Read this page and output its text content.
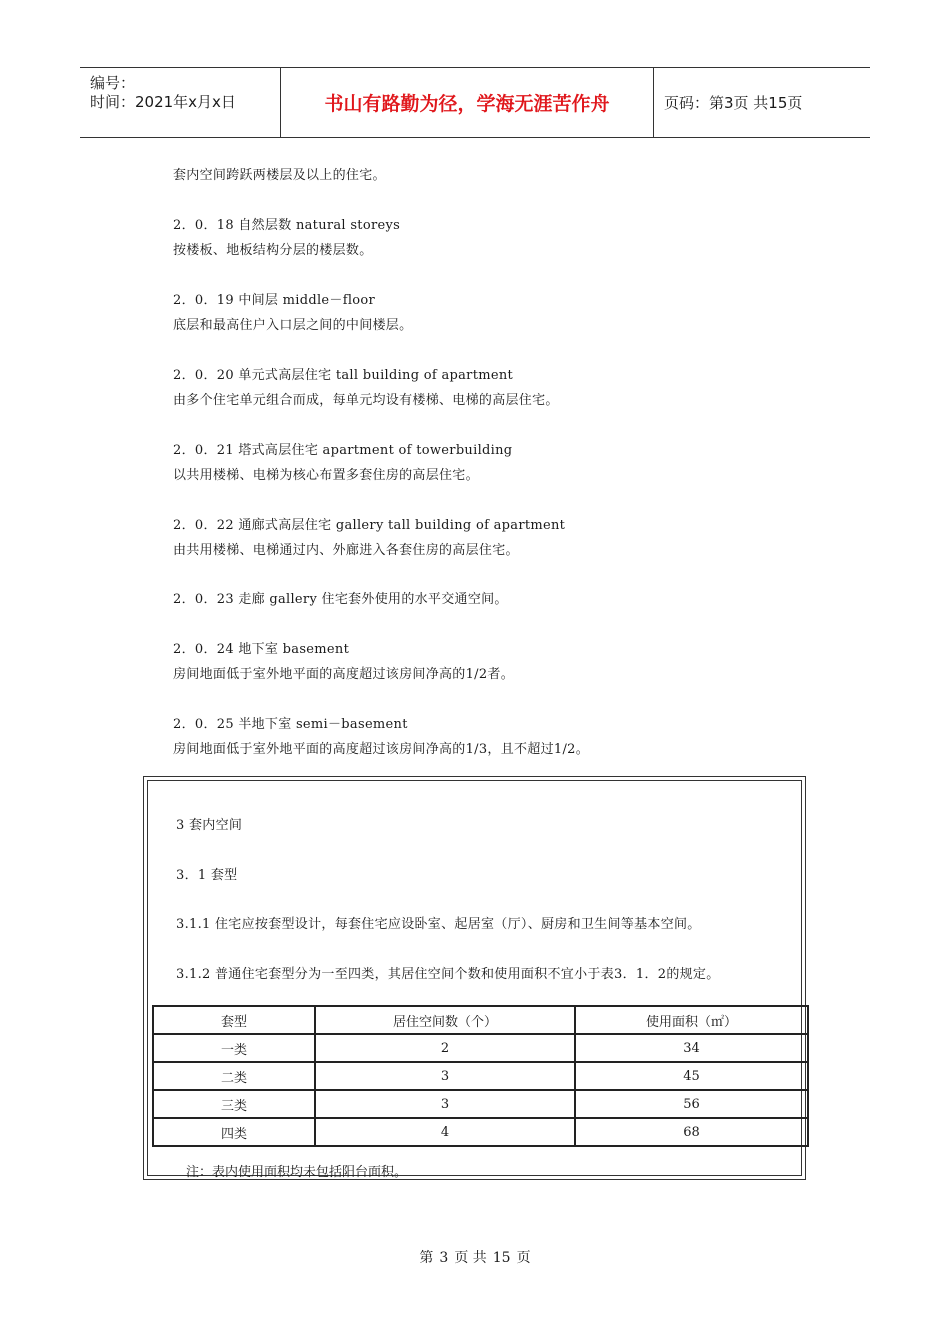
编号：
时间：2021年x月x日	书山有路勤为径，学海无涯苦作舟	页码：第3页 共15页
套内空间跨跃两楼层及以上的住宅。
2．0．18 自然层数 natural storeys
按楼板、地板结构分层的楼层数。
2．0．19 中间层 middle－floor
底层和最高住户入口层之间的中间楼层。
2．0．20 单元式高层住宅 tall building of apartment
由多个住宅单元组合而成，每单元均设有楼梯、电梯的高层住宅。
2．0．21 塔式高层住宅 apartment of towerbuilding
以共用楼梯、电梯为核心布置多套住房的高层住宅。
2．0．22 通廊式高层住宅 gallery tall building of apartment
由共用楼梯、电梯通过内、外廊进入各套住房的高层住宅。
2．0．23 走廊 gallery 住宅套外使用的水平交通空间。
2．0．24 地下室 basement
房间地面低于室外地平面的高度超过该房间净高的1/2者。
2．0．25 半地下室 semi－basement
房间地面低于室外地平面的高度超过该房间净高的1/3，且不超过1/2。
3 套内空间
3．1 套型
3.1.1 住宅应按套型设计，每套住宅应设卧室、起居室（厅）、厨房和卫生间等基本空间。
3.1.2 普通住宅套型分为一至四类，其居住空间个数和使用面积不宜小于表3．1．2的规定。
套型	居住空间数（个）	使用面积（㎡）
一类	2	34
二类	3	45
三类	3	56
四类	4	68
注：表内使用面积均未包括阳台面积。
第 3 页 共 15 页
